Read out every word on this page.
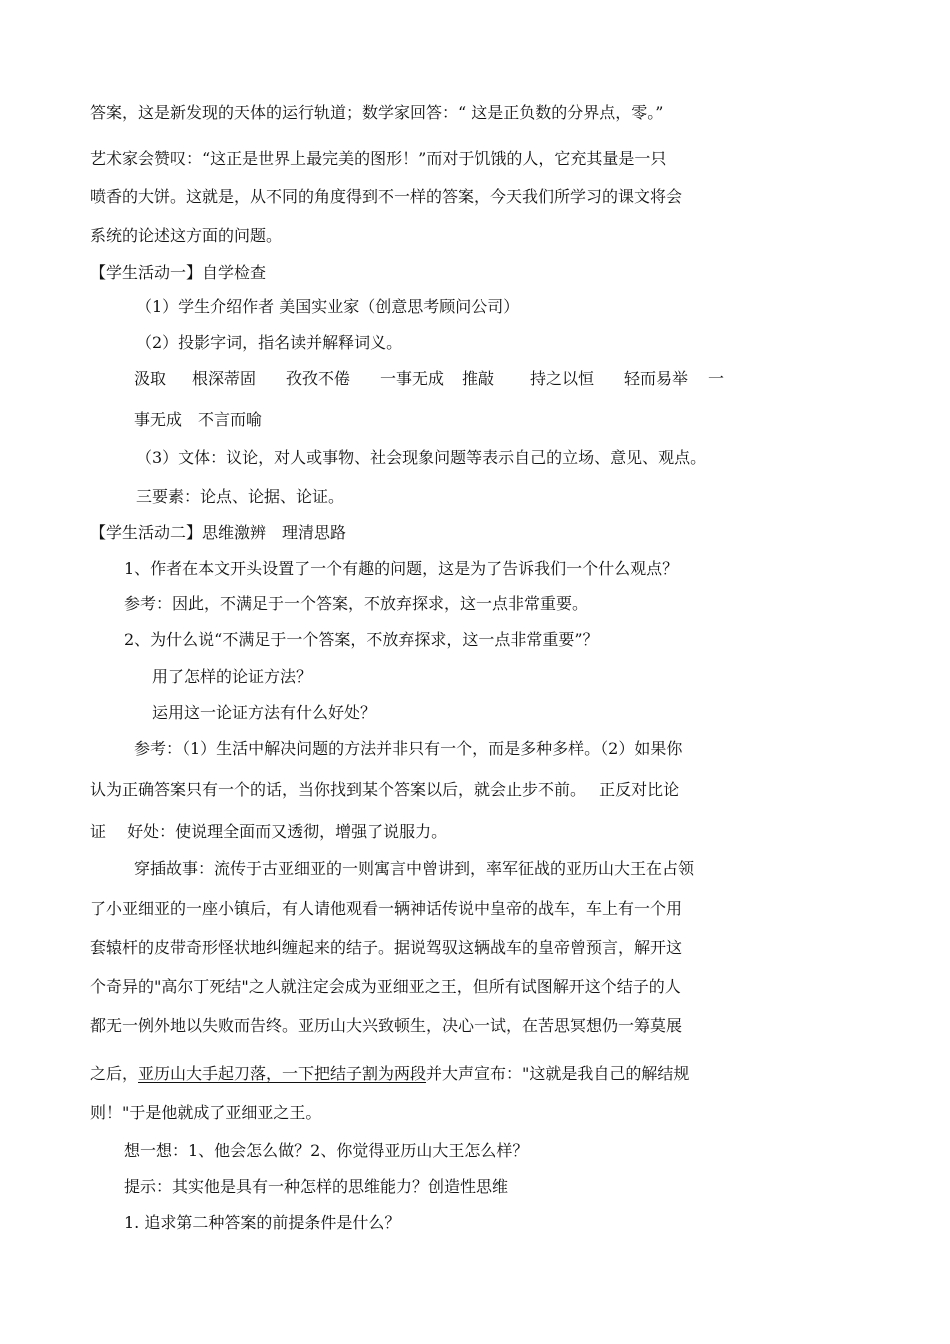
答案，这是新发现的天体的运行轨道；数学家回答：“ 这是正负数的分界点，零。”
艺术家会赞叹：“这正是世界上最完美的图形！”而对于饥饿的人，它充其量是一只
喷香的大饼。这就是，从不同的角度得到不一样的答案，今天我们所学习的课文将会
系统的论述这方面的问题。
【学生活动一】自学检查
（1）学生介绍作者 美国实业家（创意思考顾问公司）
（2）投影字词，指名读并解释词义。
汲取 根深蒂固 孜孜不倦 一事无成 推敲 持之以恒 轻而易举 一
事无成　不言而喻
（3）文体：议论，对人或事物、社会现象问题等表示自己的立场、意见、观点。
三要素：论点、论据、论证。
【学生活动二】思维激辨　理清思路
1、作者在本文开头设置了一个有趣的问题，这是为了告诉我们一个什么观点？
参考：因此，不满足于一个答案，不放弃探求，这一点非常重要。
2、为什么说“不满足于一个答案，不放弃探求，这一点非常重要”？
用了怎样的论证方法？
运用这一论证方法有什么好处？
参考：（1）生活中解决问题的方法并非只有一个，而是多种多样。（2）如果你
认为正确答案只有一个的话，当你找到某个答案以后，就会止步不前。　 正反对比论
证　 好处：使说理全面而又透彻，增强了说服力。
穿插故事：流传于古亚细亚的一则寓言中曾讲到，率军征战的亚历山大王在占领
了小亚细亚的一座小镇后，有人请他观看一辆神话传说中皇帝的战车，车上有一个用
套辕杆的皮带奇形怪状地纠缠起来的结子。据说驾驭这辆战车的皇帝曾预言，解开这
个奇异的"高尔丁死结"之人就注定会成为亚细亚之王，但所有试图解开这个结子的人
都无一例外地以失败而告终。亚历山大兴致顿生，决心一试，在苦思冥想仍一筹莫展
之后，亚历山大手起刀落，一下把结子割为两段并大声宣布："这就是我自己的解结规
则！"于是他就成了亚细亚之王。
想一想：1、他会怎么做？2、你觉得亚历山大王怎么样？
提示：其实他是具有一种怎样的思维能力？创造性思维
1. 追求第二种答案的前提条件是什么？
